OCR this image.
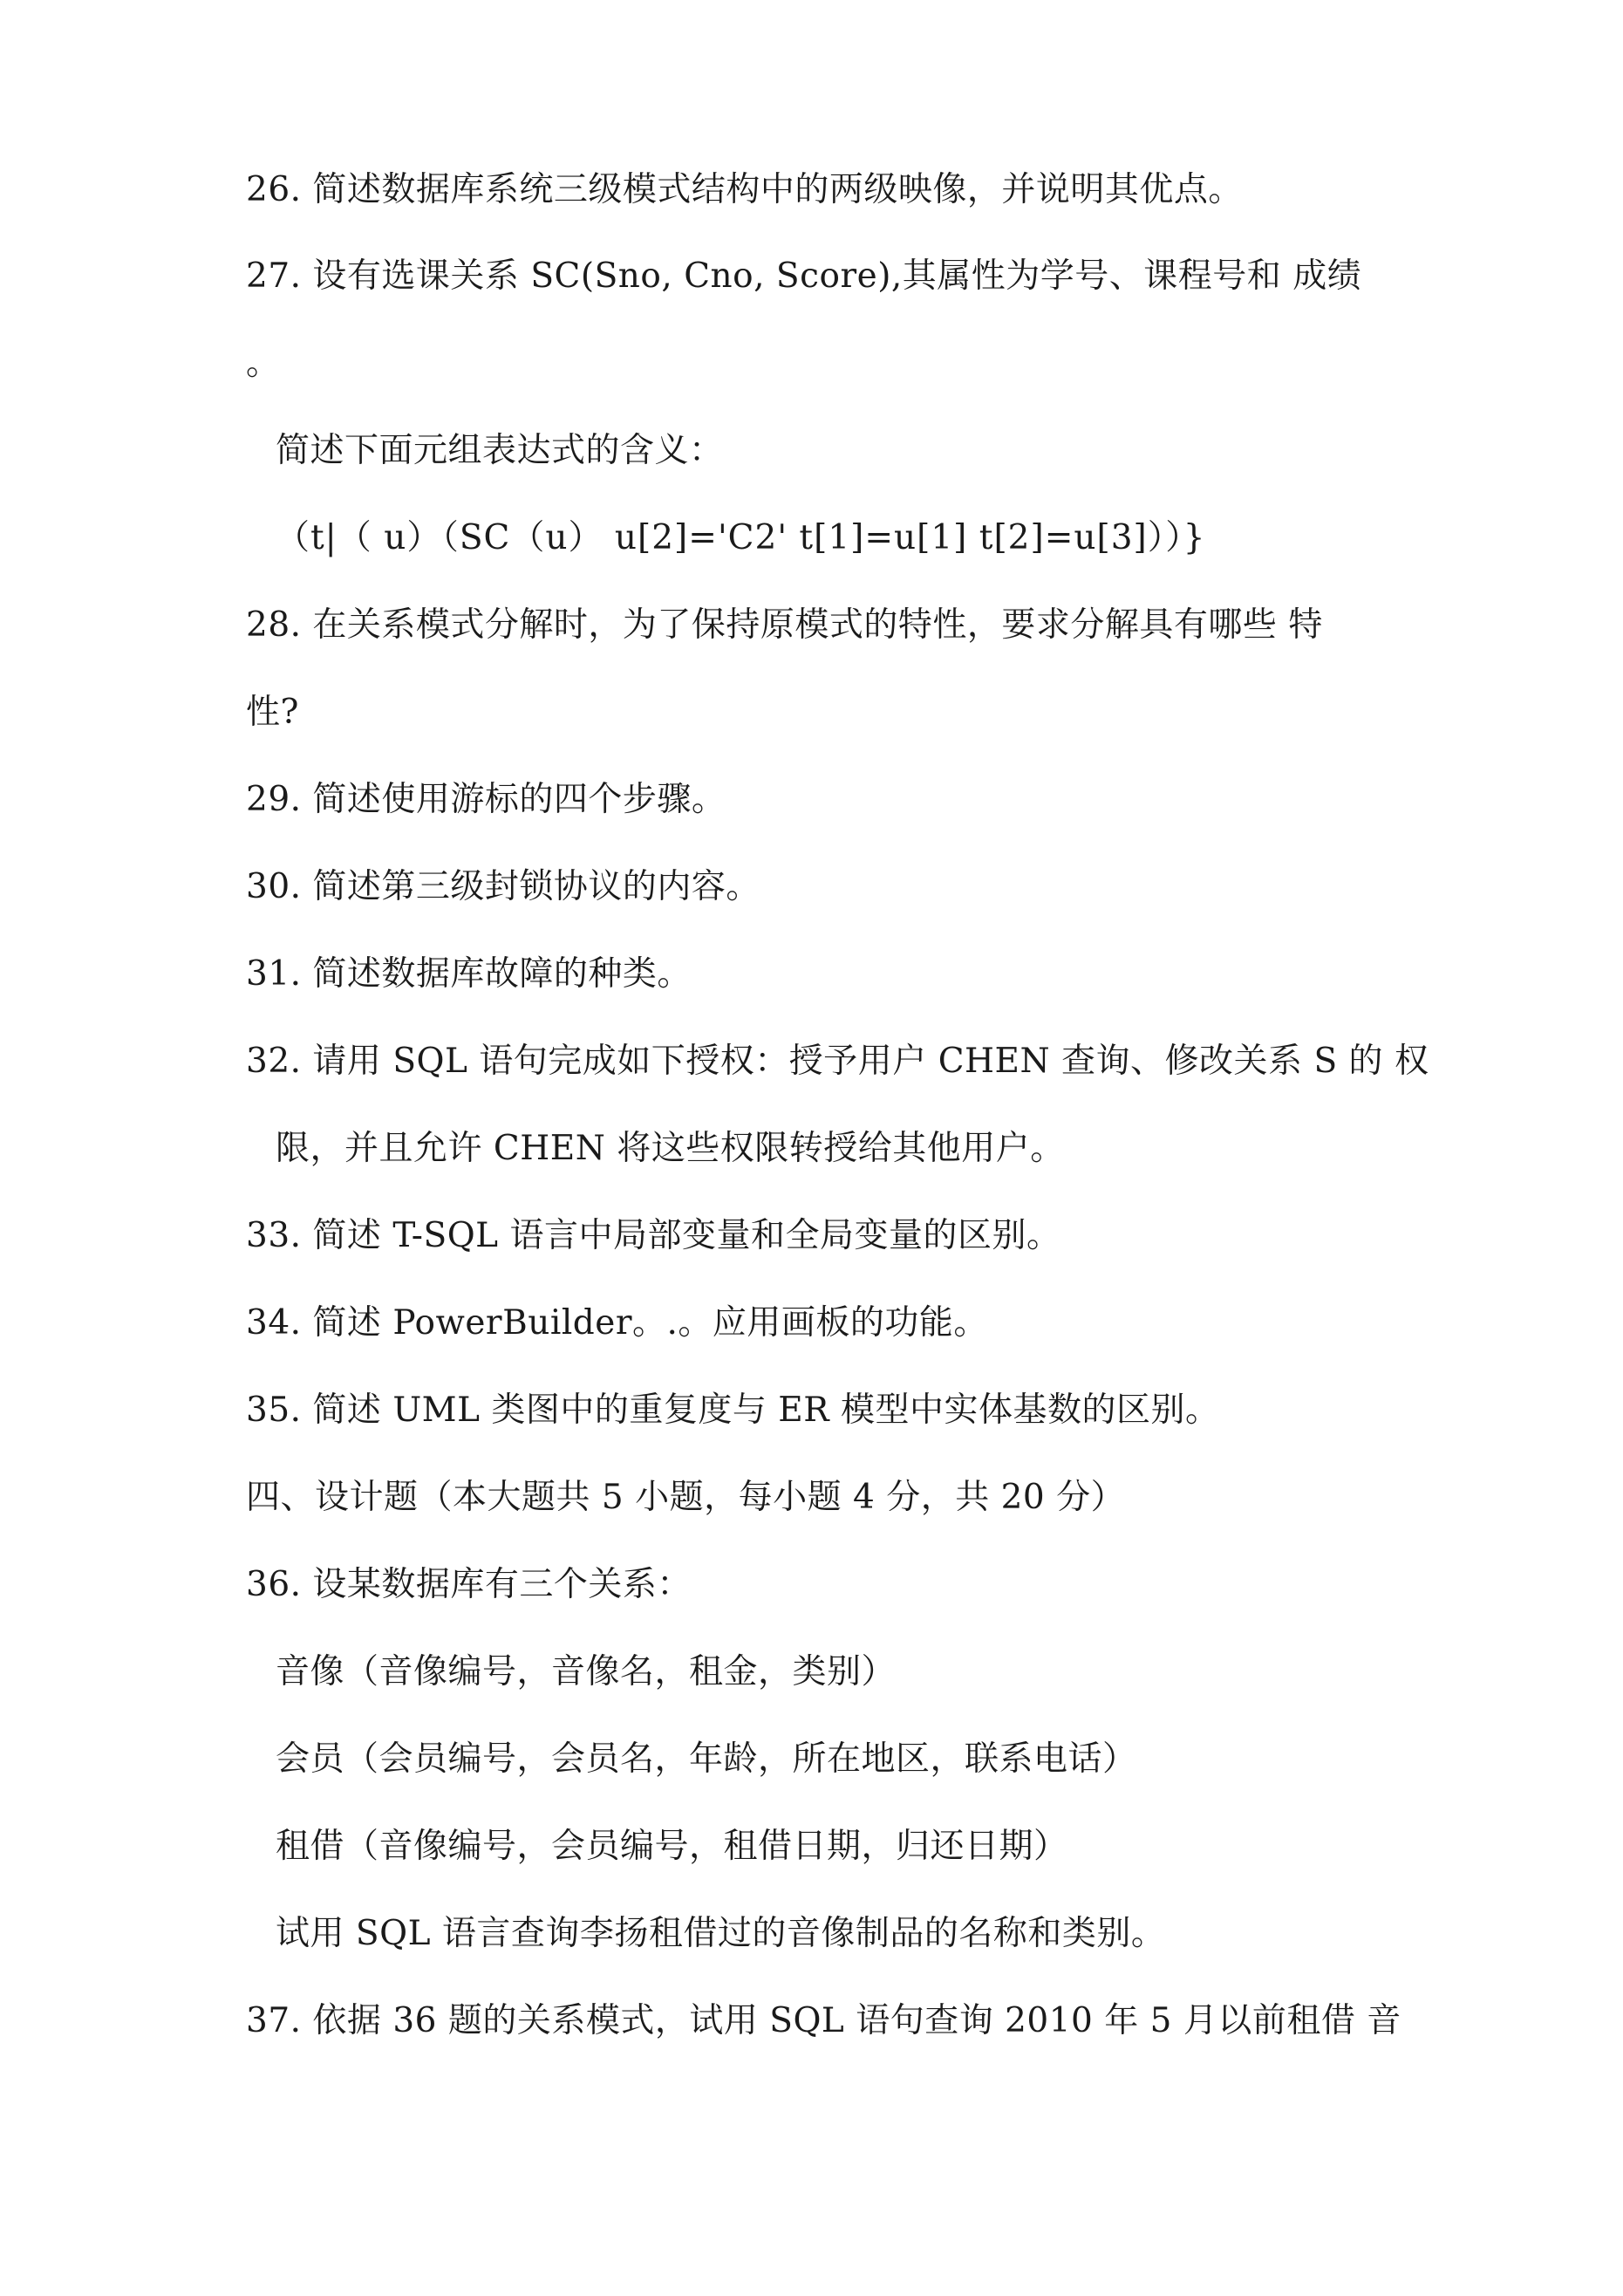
26. 简述数据库系统三级模式结构中的两级映像，并说明其优点。
27. 设有选课关系 SC(Sno, Cno, Score),其属性为学号、课程号和 成绩
。
简述下面元组表达式的含义：
（t|（ u）（SC（u） u[2]='C2' t[1]=u[1] t[2]=u[3]））}
28. 在关系模式分解时，为了保持原模式的特性，要求分解具有哪些 特
性?
29. 简述使用游标的四个步骤。
30. 简述第三级封锁协议的内容。
31. 简述数据库故障的种类。
32. 请用 SQL 语句完成如下授权：授予用户 CHEN 查询、修改关系 S 的 权
限，并且允许 CHEN 将这些权限转授给其他用户。
33. 简述 T-SQL 语言中局部变量和全局变量的区别。
34. 简述 PowerBuilder。.。应用画板的功能。
35. 简述 UML 类图中的重复度与 ER 模型中实体基数的区别。
四、设计题（本大题共 5 小题，每小题 4 分，共 20 分）
36. 设某数据库有三个关系：
音像（音像编号，音像名，租金，类别）
会员（会员编号，会员名，年龄，所在地区，联系电话）
租借（音像编号，会员编号，租借日期，归还日期）
试用 SQL 语言查询李扬租借过的音像制品的名称和类别。
37. 依据 36 题的关系模式，试用 SQL 语句查询 2010 年 5 月以前租借 音
